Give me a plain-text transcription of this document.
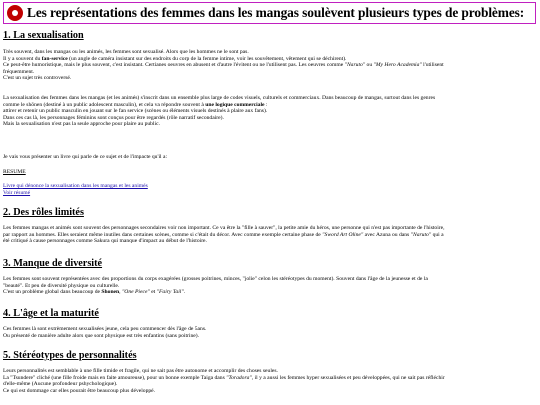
Les représentations des femmes dans les mangas soulèvent plusieurs types de problèmes:
1. La sexualisation

Très souvent, dans les mangas ou les animés, les femmes sont sexualisé. Alors que les hommes ne le sont pas.

Il y a souvent du fan-service (un angle de caméra insistant sur des endroits du corp de la femme intime, voir les souvêtement, vêtement qui se déchirent).

Ce peut-être humoristique, mais le plus souvent, c'est insistant. Certianes oeuvres en abusent et d'autre l'évitent ou ne l'utilisent pas. Les oeuvres comme "Naruto" ou "My Hero Academia" l'utilisent

fréquemment.

C'est un sujet très controversé.

La sexualisation des femmes dans les mangas (et les animés) s'inscrit dans un ensemble plus large de codes visuels, culturels et commerciaux. Dans beaucoup de mangas, surtout dans les genres

comme le shōnen (destiné à un public adolescent masculin), et cela va répondre souvent à une logique commerciale :

attirer et retenir un public masculin en jouant sur le fan service (scènes ou éléments visuels destinés à plaire aux fans).

Dans ces cas là, les personnages féminins sont conçus pour être regardés (rôle narratif secondaire).

Mais la sexualisation n'est pas la seule approche pour plaire au public.

Je vais vous présenter un livre qui parle de ce sujet et de l'impacte qu'il a:

RESUME

Livre qui dénonce la sexualisation dans les mangas et les animés

Voir résumé

2. Des rôles limités

Les femmes mangas et animés sont souvent des personnages secondaires voir non important. Ce va être la "fille à sauver", la petite amie du héros, une personne qui n'est pas importante de l'histoire,

par rapport au hommes. Elles seraient même inutiles dans certaines scènes, comme si c'était du décor. Avec comme exemple certaine phase de "Sword Art Oline" avec Azuna ou dans "Naruto" qui a

été critiqué à cause personnages comme Sakura qui manque d'impact au début de l'histoire.

3. Manque de diversité

Les femmes sont souvent représentées avec des proportions du corps exagérées (grosses poitrines, minces, "jolie" celon les stéréotypes du moment). Souvent dans l'âge de la jeunesse et de la

"beauté". Et peu de diversité physique ou culturelle.

C'est un problème global dans beaucoup de Shonen, "One Piece" et "Fairy Tail".

4. L'âge et la maturité

Ces femmes là sont extrèmement sexualisées jeune, cela peu commencer dès l'âge de 5ans.

Ou présenté de manière adulte alors que sont physique est très enfantins (sans poitrine).

5. Stéréotypes de personnalités

Leurs personnalités est semblable à une fille timide et fragile, qui ne sait pas être autonome et accomplir des choses seules.

La "Tsundere" cliché (une fille froide mais en faite amoureuse), pour un bonne exemple Taiga dans "Toradora", il y a aussi les femmes hyper sexualisées et peu développées, qui ne sait pas réfléchir

d'elle-même (Aucune profondeur pshychologique).

Ce qui est dommage car elles pourait être beaucoup plus développé.
